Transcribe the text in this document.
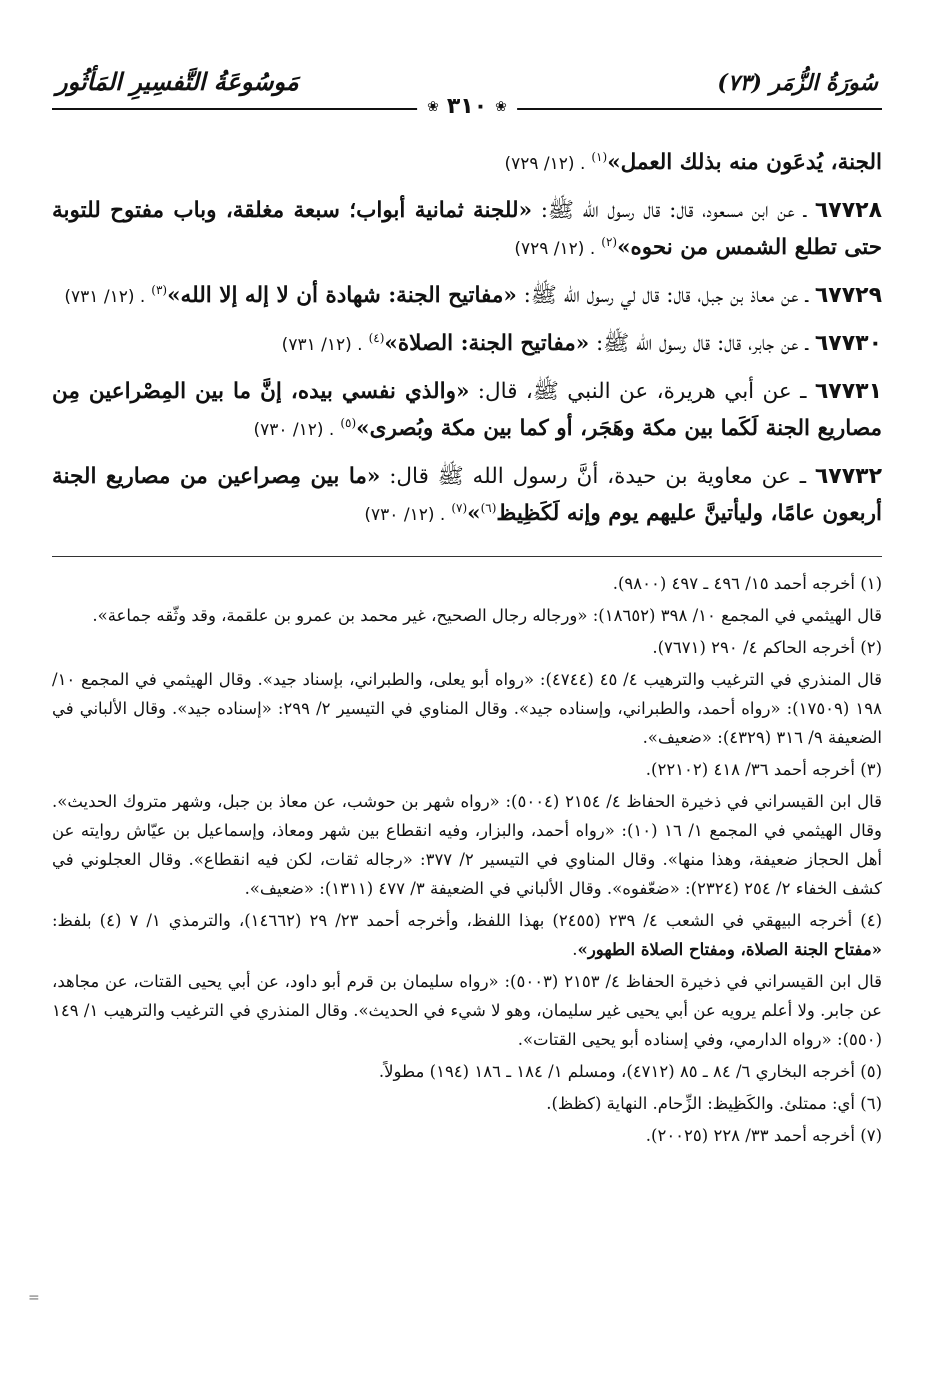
سُورَةُ الزُّمَر (٧٣)
مَوسُوعَةُ التَّفسِيرِ المَأثُور
❀
٣١٠
❀

الجنة، يُدعَون منه بذلك العمل»$^{(١)}$. (١٢/ ٧٢٩)

٦٧٧٢٨ ـ عن ابن مسعود، قال: قال رسول الله ﷺ: «للجنة ثمانية أبواب؛ سبعة مغلقة، وباب مفتوح للتوبة حتى تطلع الشمس من نحوه»$^{(٢)}$. (١٢/ ٧٢٩)

٦٧٧٢٩ ـ عن معاذ بن جبل، قال: قال لي رسول الله ﷺ: «مفاتيح الجنة: شهادة أن لا إله إلا الله»$^{(٣)}$. (١٢/ ٧٣١)

٦٧٧٣٠ ـ عن جابر، قال: قال رسول الله ﷺ: «مفاتيح الجنة: الصلاة»$^{(٤)}$. (١٢/ ٧٣١)

٦٧٧٣١ ـ عن أبي هريرة، عن النبي ﷺ، قال: «والذي نفسي بيده، إنَّ ما بين المِصْراعين مِن مصاريع الجنة لَكَما بين مكة وهَجَر، أو كما بين مكة وبُصرى»$^{(٥)}$. (١٢/ ٧٣٠)

٦٧٧٣٢ ـ عن معاوية بن حيدة، أنَّ رسول الله ﷺ قال: «ما بين مِصراعين من مصاريع الجنة أربعون عامًا، وليأتينَّ عليهم يوم وإنه لَكَظِيظ$^{(٦)}$»$^{(٧)}$. (١٢/ ٧٣٠)

(١) أخرجه أحمد ١٥/ ٤٩٦ ـ ٤٩٧ (٩٨٠٠).

قال الهيثمي في المجمع ١٠/ ٣٩٨ (١٨٦٥٢): «ورجاله رجال الصحيح، غير محمد بن عمرو بن علقمة، وقد وثّقه جماعة».

(٢) أخرجه الحاكم ٤/ ٢٩٠ (٧٦٧١).

قال المنذري في الترغيب والترهيب ٤/ ٤٥ (٤٧٤٤): «رواه أبو يعلى، والطبراني، بإسناد جيد». وقال الهيثمي في المجمع ١٠/ ١٩٨ (١٧٥٠٩): «رواه أحمد، والطبراني، وإسناده جيد». وقال المناوي في التيسير ٢/ ٢٩٩: «إسناده جيد». وقال الألباني في الضعيفة ٩/ ٣١٦ (٤٣٢٩): «ضعيف».

(٣) أخرجه أحمد ٣٦/ ٤١٨ (٢٢١٠٢).

قال ابن القيسراني في ذخيرة الحفاظ ٤/ ٢١٥٤ (٥٠٠٤): «رواه شهر بن حوشب، عن معاذ بن جبل، وشهر متروك الحديث». وقال الهيثمي في المجمع ١/ ١٦ (١٠): «رواه أحمد، والبزار، وفيه انقطاع بين شهر ومعاذ، وإسماعيل بن عيّاش روايته عن أهل الحجاز ضعيفة، وهذا منها». وقال المناوي في التيسير ٢/ ٣٧٧: «رجاله ثقات، لكن فيه انقطاع». وقال العجلوني في كشف الخفاء ٢/ ٢٥٤ (٢٣٢٤): «ضعّفوه». وقال الألباني في الضعيفة ٣/ ٤٧٧ (١٣١١): «ضعيف».

(٤) أخرجه البيهقي في الشعب ٤/ ٢٣٩ (٢٤٥٥) بهذا اللفظ، وأخرجه أحمد ٢٣/ ٢٩ (١٤٦٦٢)، والترمذي ١/ ٧ (٤) بلفظ: «مفتاح الجنة الصلاة، ومفتاح الصلاة الطهور».

قال ابن القيسراني في ذخيرة الحفاظ ٤/ ٢١٥٣ (٥٠٠٣): «رواه سليمان بن قرم أبو داود، عن أبي يحيى القتات، عن مجاهد، عن جابر. ولا أعلم يرويه عن أبي يحيى غير سليمان، وهو لا شيء في الحديث». وقال المنذري في الترغيب والترهيب ١/ ١٤٩ (٥٥٠): «رواه الدارمي، وفي إسناده أبو يحيى القتات».

(٥) أخرجه البخاري ٦/ ٨٤ ـ ٨٥ (٤٧١٢)، ومسلم ١/ ١٨٤ ـ ١٨٦ (١٩٤) مطولاً.

(٦) أي: ممتلئ. والكَظِيظ: الزِّحام. النهاية (كظظ).

(٧) أخرجه أحمد ٣٣/ ٢٢٨ (٢٠٠٢٥).

=
